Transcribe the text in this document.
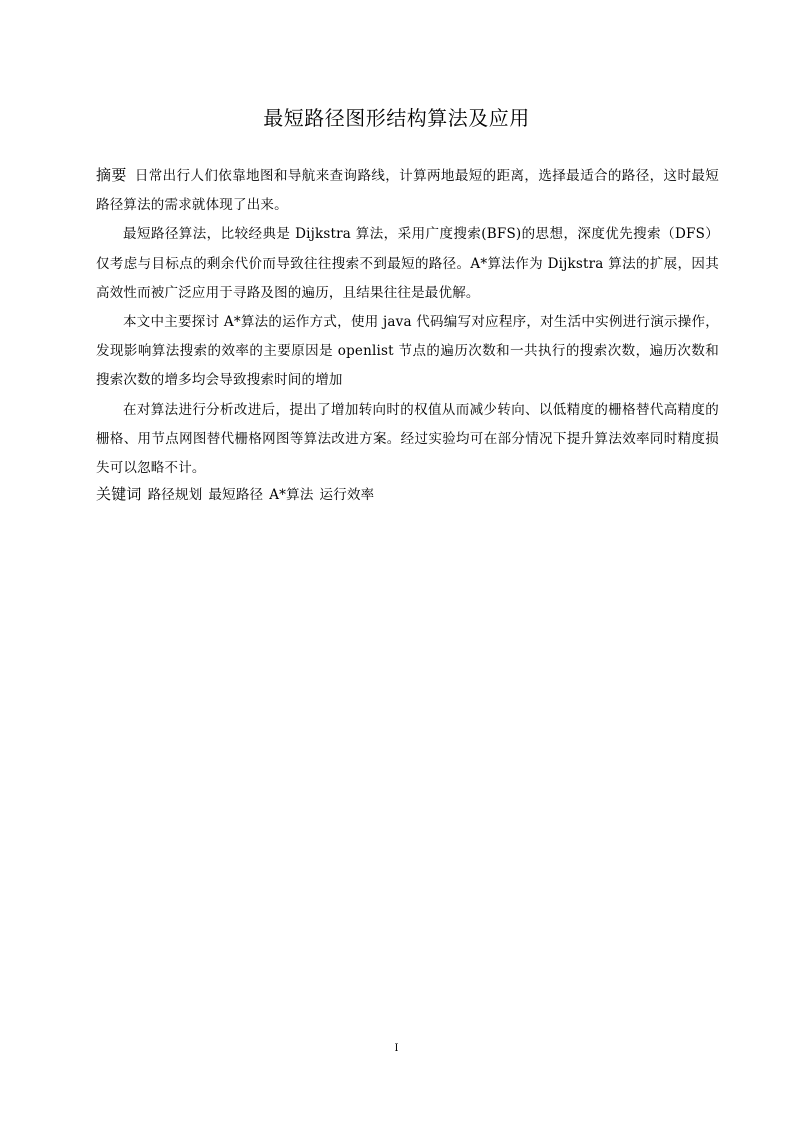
最短路径图形结构算法及应用

摘要 日常出行人们依靠地图和导航来查询路线，计算两地最短的距离，选择最适合的路径，这时最短路径算法的需求就体现了出来。

最短路径算法，比较经典是 Dijkstra 算法，采用广度搜索(BFS)的思想，深度优先搜索（DFS）仅考虑与目标点的剩余代价而导致往往搜索不到最短的路径。A*算法作为 Dijkstra 算法的扩展，因其高效性而被广泛应用于寻路及图的遍历，且结果往往是最优解。

本文中主要探讨 A*算法的运作方式，使用 java 代码编写对应程序，对生活中实例进行演示操作，发现影响算法搜索的效率的主要原因是 openlist 节点的遍历次数和一共执行的搜索次数，遍历次数和搜索次数的增多均会导致搜索时间的增加

在对算法进行分析改进后，提出了增加转向时的权值从而减少转向、以低精度的栅格替代高精度的栅格、用节点网图替代栅格网图等算法改进方案。经过实验均可在部分情况下提升算法效率同时精度损失可以忽略不计。

关键词 路径规划 最短路径 A*算法 运行效率

I
